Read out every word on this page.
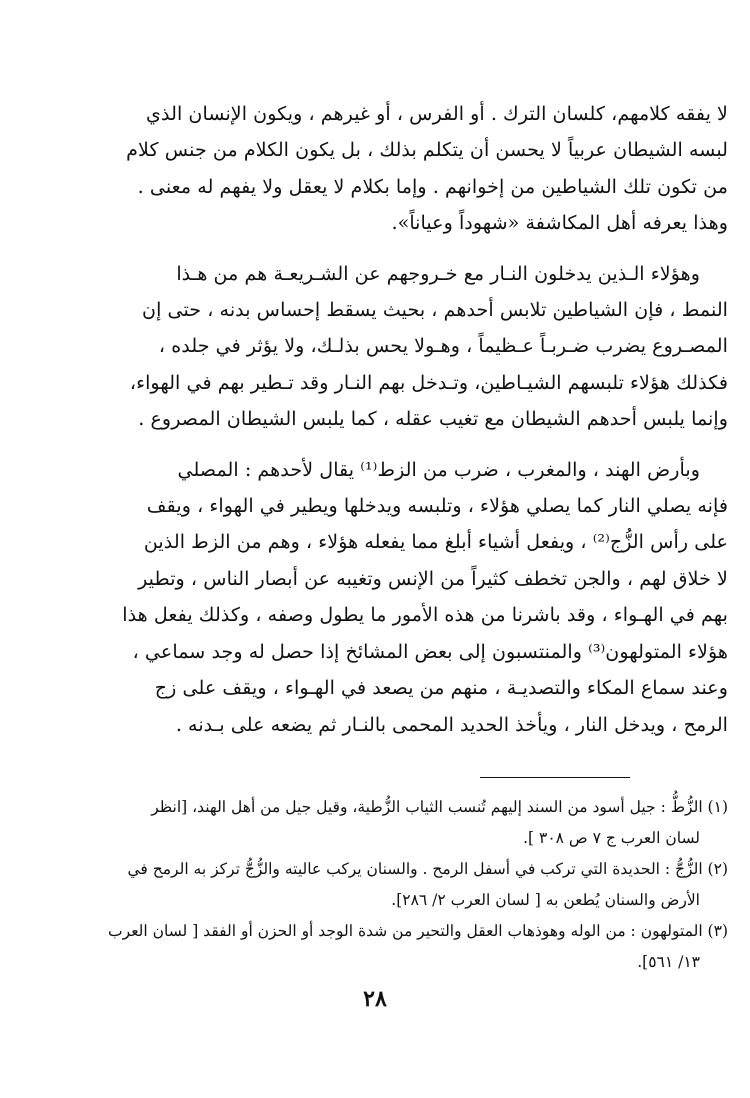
لا يفقه كلامهم، كلسان الترك . أو الفرس ، أو غيرهم ، ويكون الإنسان الذي
لبسه الشيطان عربياً لا يحسن أن يتكلم بذلك ، بل يكون الكلام من جنس كلام
من تكون تلك الشياطين من إخوانهم . وإما بكلام لا يعقل ولا يفهم له معنى .
وهذا يعرفه أهل المكاشفة «شهوداً وعياناً».

وهؤلاء الـذين يدخلون النـار مع خـروجهم عن الشـريعـة هم من هـذا
النمط ، فإن الشياطين تلابس أحدهم ، بحيث يسقط إحساس بدنه ، حتى إن
المصـروع يضرب ضـربـاً عـظيماً ، وهـولا يحس بذلـك، ولا يؤثر في جلده ،
فكذلك هؤلاء تلبسهم الشيـاطين، وتـدخل بهم النـار وقد تـطير بهم في الهواء،
وإنما يلبس أحدهم الشيطان مع تغيب عقله ، كما يلبس الشيطان المصروع .

وبأرض الهند ، والمغرب ، ضرب من الزط⁽¹⁾ يقال لأحدهم : المصلي
فإنه يصلي النار كما يصلي هؤلاء ، وتلبسه ويدخلها ويطير في الهواء ، ويقف
على رأس الزُّج⁽²⁾ ، ويفعل أشياء أبلغ مما يفعله هؤلاء ، وهم من الزط الذين
لا خلاق لهم ، والجن تخطف كثيراً من الإنس وتغيبه عن أبصار الناس ، وتطير
بهم في الهـواء ، وقد باشرنا من هذه الأمور ما يطول وصفه ، وكذلك يفعل هذا
هؤلاء المتولهون⁽³⁾ والمنتسبون إلى بعض المشائخ إذا حصل له وجد سماعي ،
وعند سماع المكاء والتصديـة ، منهم من يصعد في الهـواء ، ويقف على زج
الرمح ، ويدخل النار ، ويأخذ الحديد المحمى بالنـار ثم يضعه على بـدنه .

(١) الزُّطُّ : جيل أسود من السند إليهم تُنسب الثياب الزُّطية، وقيل جيل من أهل الهند، [انظر
لسان العرب ج ٧ ص ٣٠٨ ].

(٢) الزُّجُّ : الحديدة التي تركب في أسفل الرمح . والسنان يركب عاليته والزُّجُّ تركز به الرمح في
الأرض والسنان يُطعن به [ لسان العرب ٢/ ٢٨٦].

(٣) المتولهون : من الوله وهوذهاب العقل والتحير من شدة الوجد أو الحزن أو الفقد [ لسان العرب
١٣/ ٥٦١].

٢٨
